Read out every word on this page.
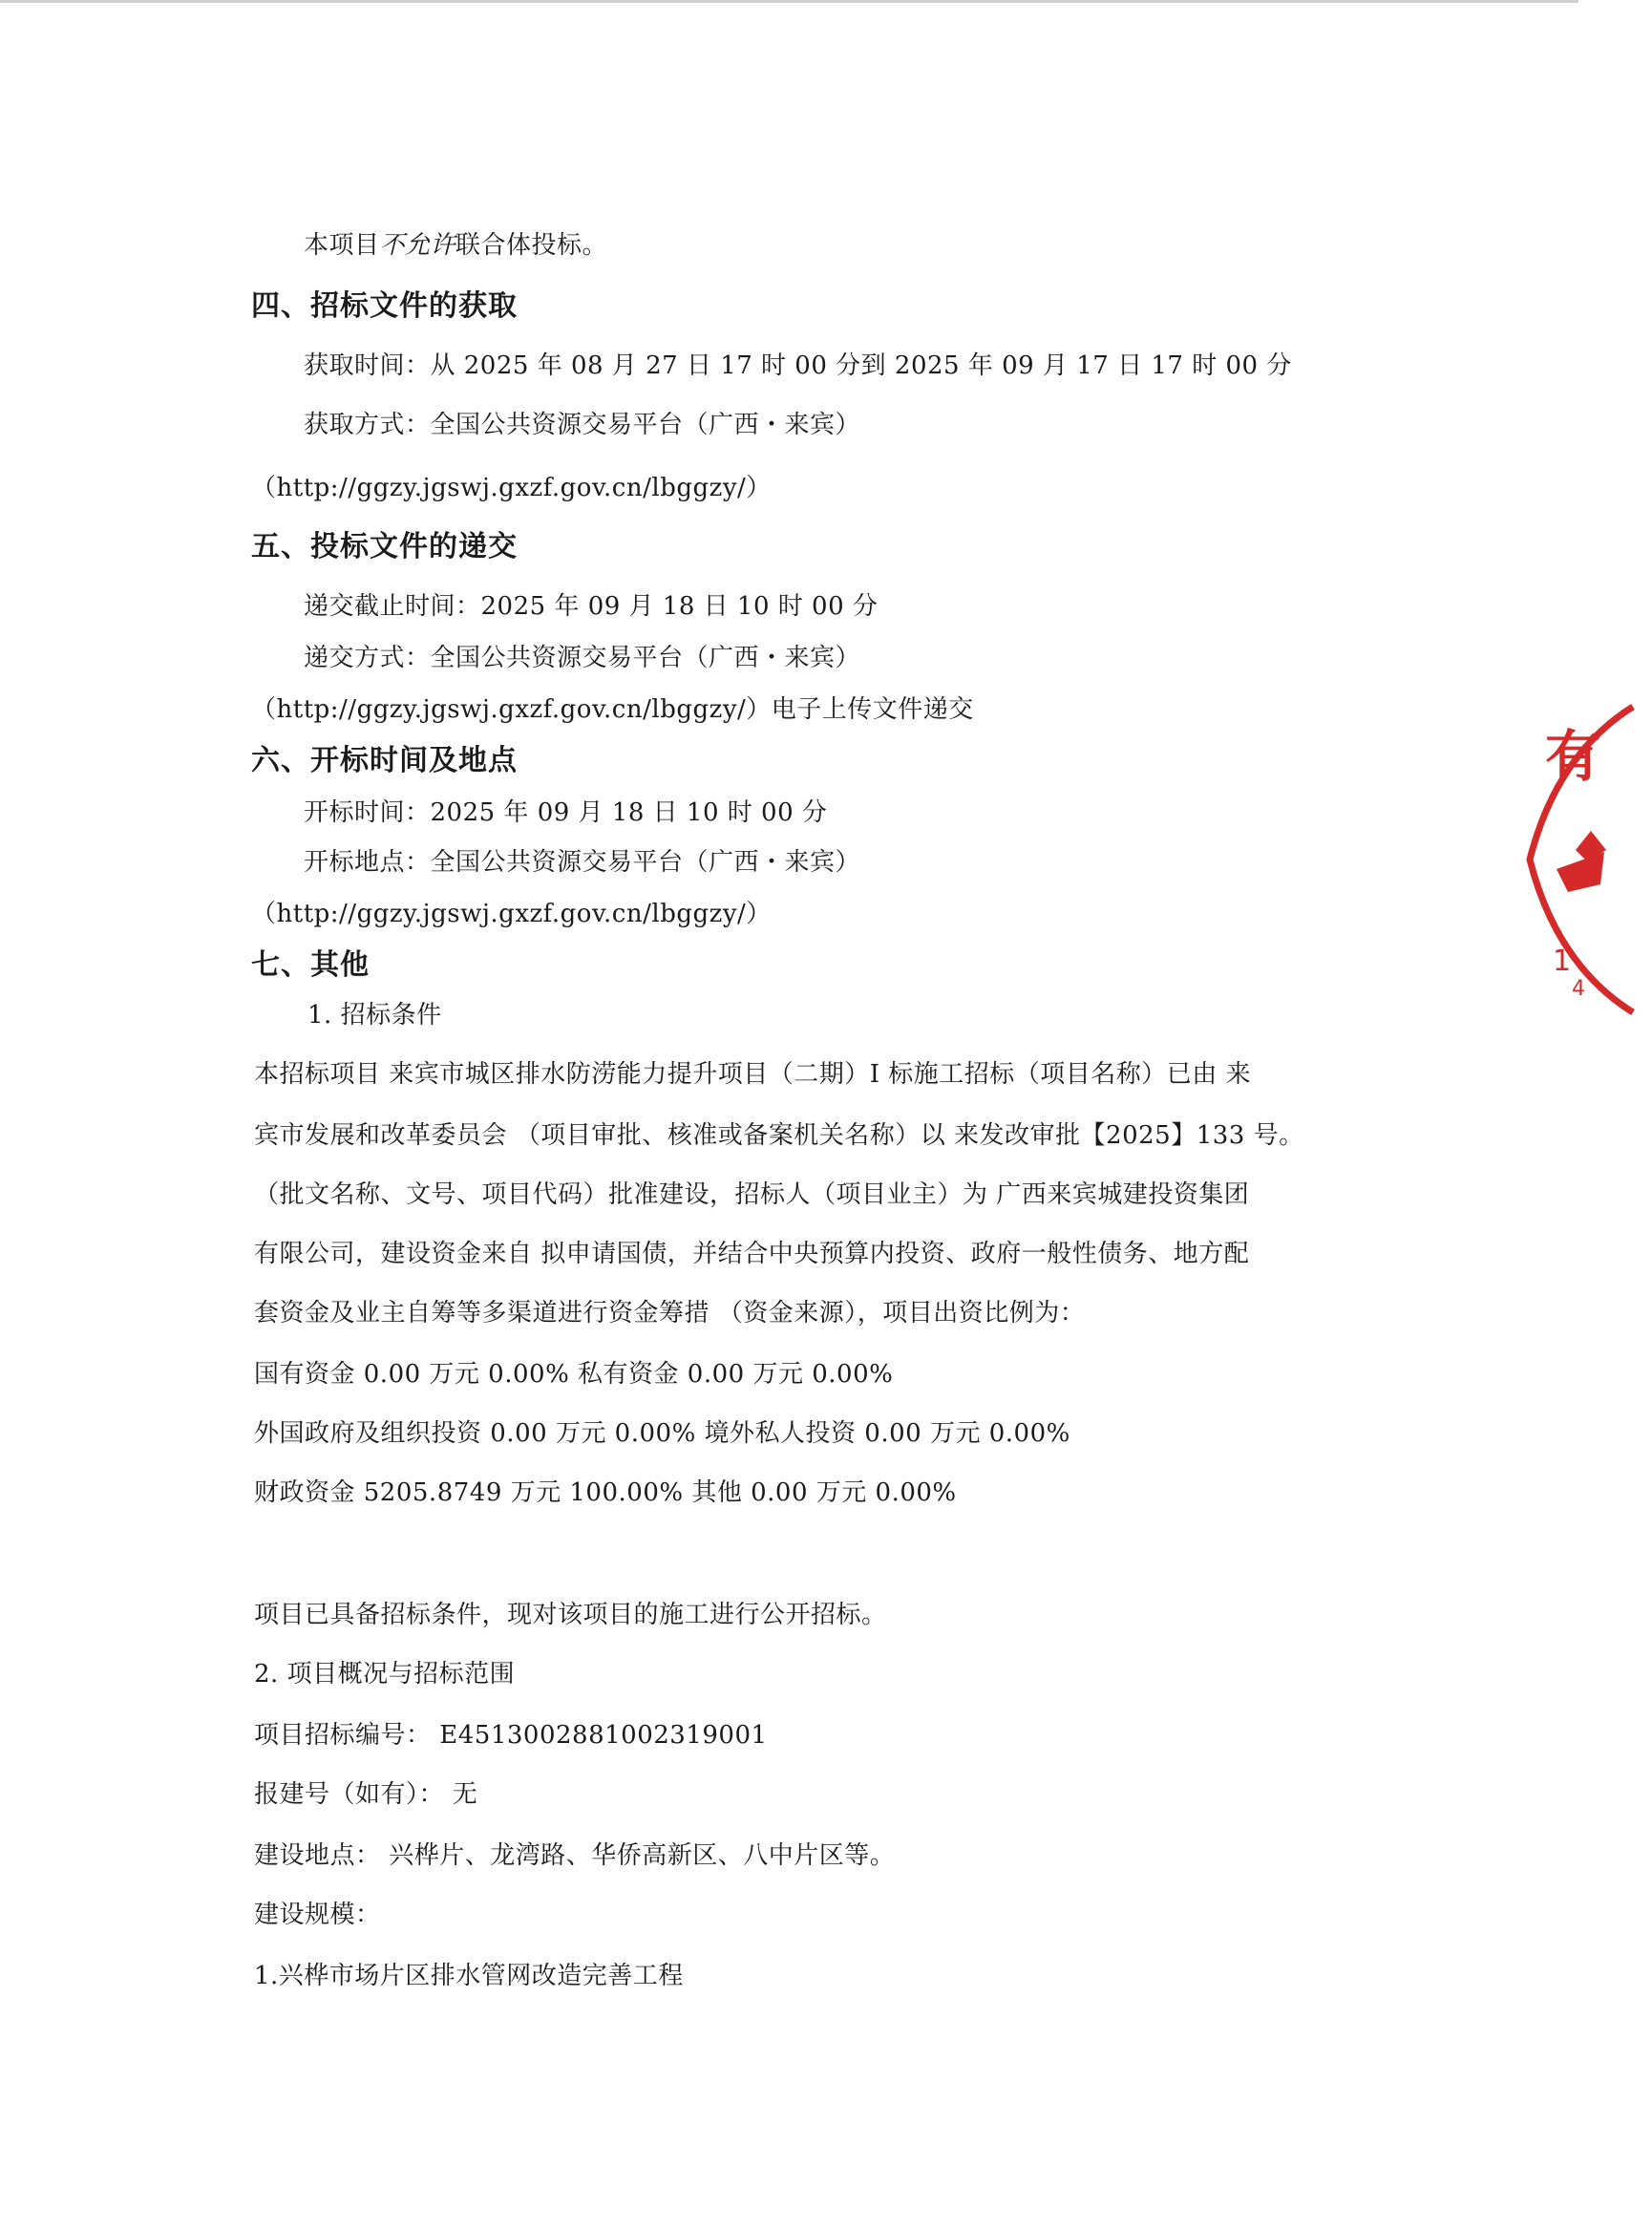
本项目不允许联合体投标。
四、招标文件的获取
获取时间：从 2025 年 08 月 27 日 17 时 00 分到 2025 年 09 月 17 日 17 时 00 分
获取方式：全国公共资源交易平台（广西・来宾）
（http://ggzy.jgswj.gxzf.gov.cn/lbggzy/）
五、投标文件的递交
递交截止时间：2025 年 09 月 18 日 10 时 00 分
递交方式：全国公共资源交易平台（广西・来宾）
（http://ggzy.jgswj.gxzf.gov.cn/lbggzy/）电子上传文件递交
六、开标时间及地点
开标时间：2025 年 09 月 18 日 10 时 00 分
开标地点：全国公共资源交易平台（广西・来宾）
（http://ggzy.jgswj.gxzf.gov.cn/lbggzy/）
七、其他
1. 招标条件
本招标项目 来宾市城区排水防涝能力提升项目（二期）I 标施工招标（项目名称）已由 来
宾市发展和改革委员会 （项目审批、核准或备案机关名称）以 来发改审批【2025】133 号。
（批文名称、文号、项目代码）批准建设，招标人（项目业主）为 广西来宾城建投资集团
有限公司，建设资金来自 拟申请国债，并结合中央预算内投资、政府一般性债务、地方配
套资金及业主自筹等多渠道进行资金筹措 （资金来源），项目出资比例为：
国有资金 0.00 万元 0.00% 私有资金 0.00 万元 0.00%
外国政府及组织投资 0.00 万元 0.00% 境外私人投资 0.00 万元 0.00%
财政资金 5205.8749 万元 100.00% 其他 0.00 万元 0.00%
项目已具备招标条件，现对该项目的施工进行公开招标。
2. 项目概况与招标范围
项目招标编号： E4513002881002319001
报建号（如有）： 无
建设地点： 兴桦片、龙湾路、华侨高新区、八中片区等。
建设规模：
1.兴桦市场片区排水管网改造完善工程
有
1
4
